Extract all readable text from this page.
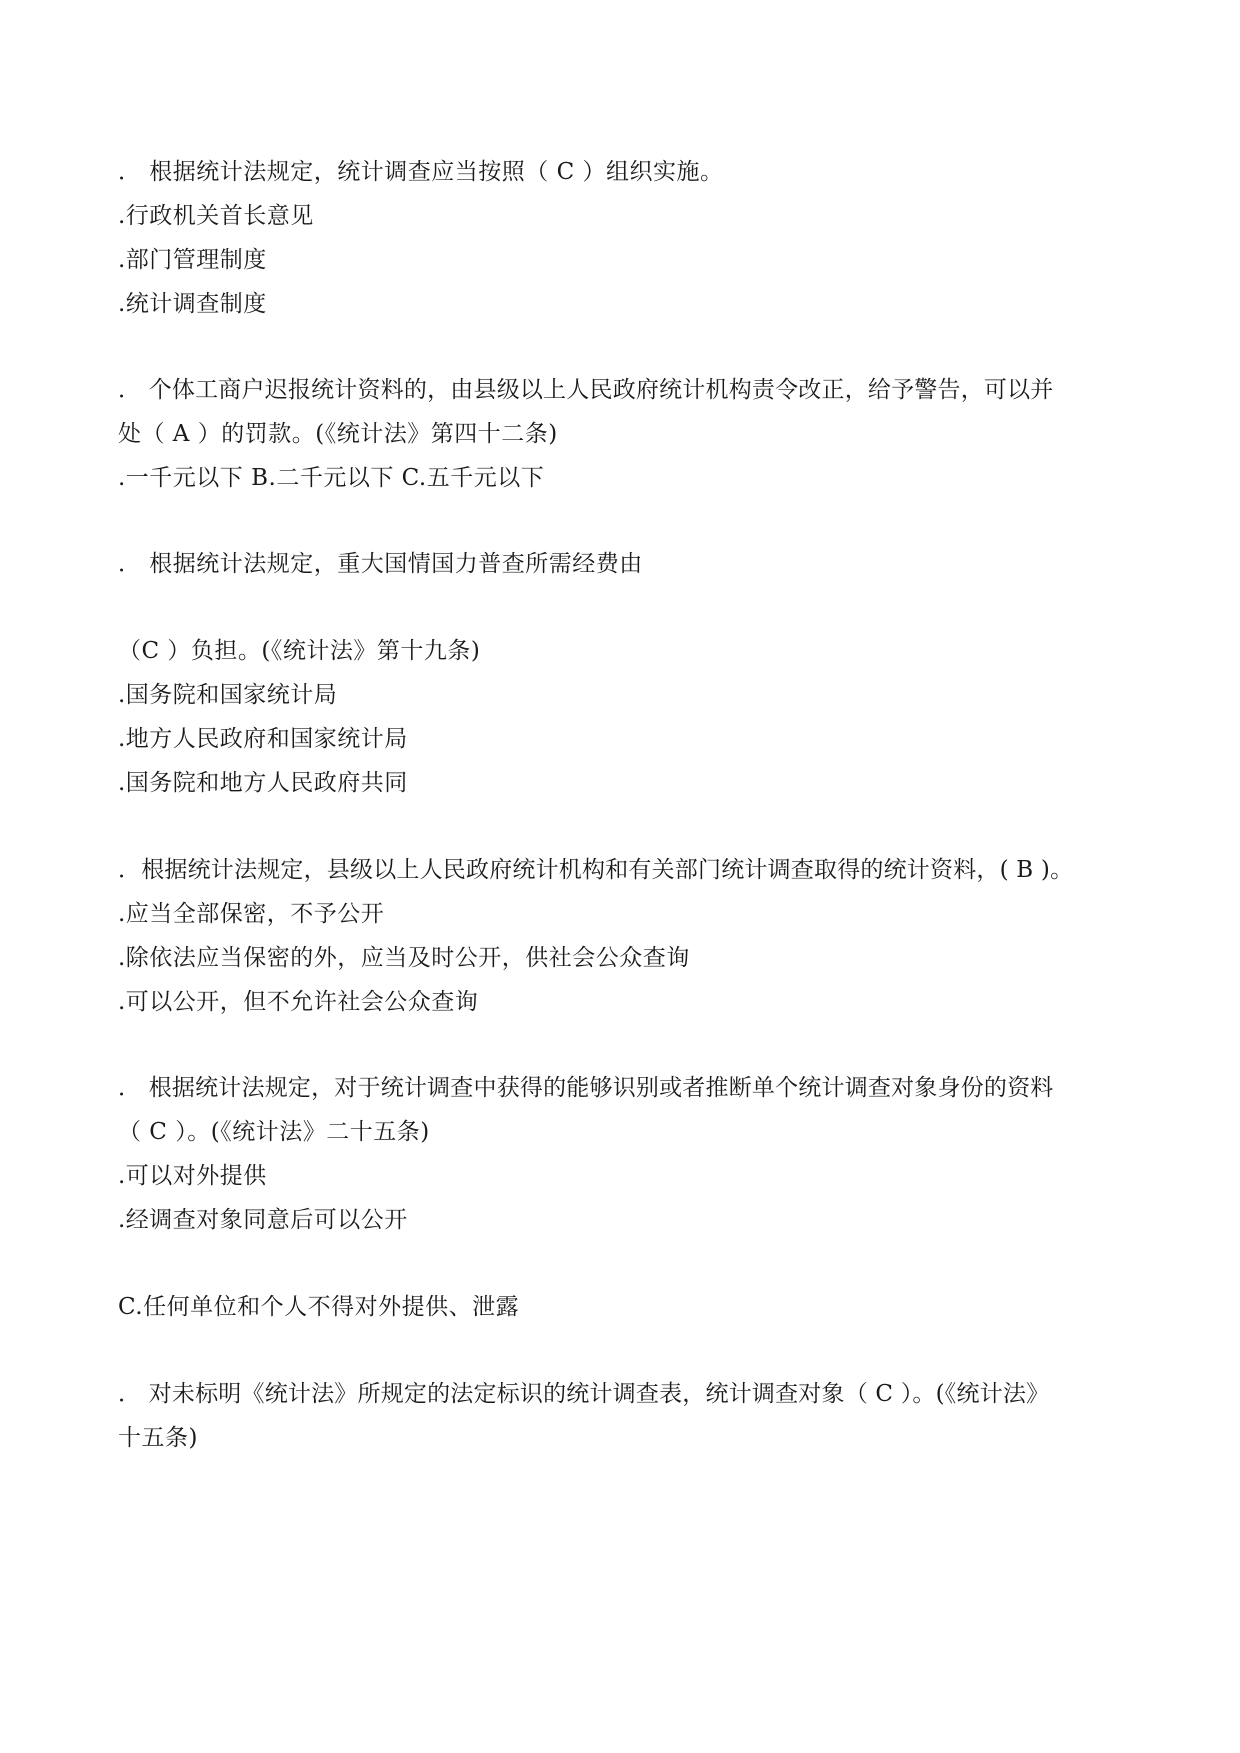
． 根据统计法规定，统计调查应当按照（ C ）组织实施。
.行政机关首长意见
.部门管理制度
.统计调查制度
． 个体工商户迟报统计资料的，由县级以上人民政府统计机构责令改正，给予警告，可以并
处（ A ）的罚款。(《统计法》第四十二条)
.一千元以下 B.二千元以下 C.五千元以下
． 根据统计法规定，重大国情国力普查所需经费由
（C ）负担。(《统计法》第十九条)
.国务院和国家统计局
.地方人民政府和国家统计局
.国务院和地方人民政府共同
．根据统计法规定，县级以上人民政府统计机构和有关部门统计调查取得的统计资料，( B )。
.应当全部保密，不予公开
.除依法应当保密的外，应当及时公开，供社会公众查询
.可以公开，但不允许社会公众查询
． 根据统计法规定，对于统计调查中获得的能够识别或者推断单个统计调查对象身份的资料
（ C ）。(《统计法》二十五条)
.可以对外提供
.经调查对象同意后可以公开
C.任何单位和个人不得对外提供、泄露
． 对未标明《统计法》所规定的法定标识的统计调查表，统计调查对象（ C ）。(《统计法》
十五条)
